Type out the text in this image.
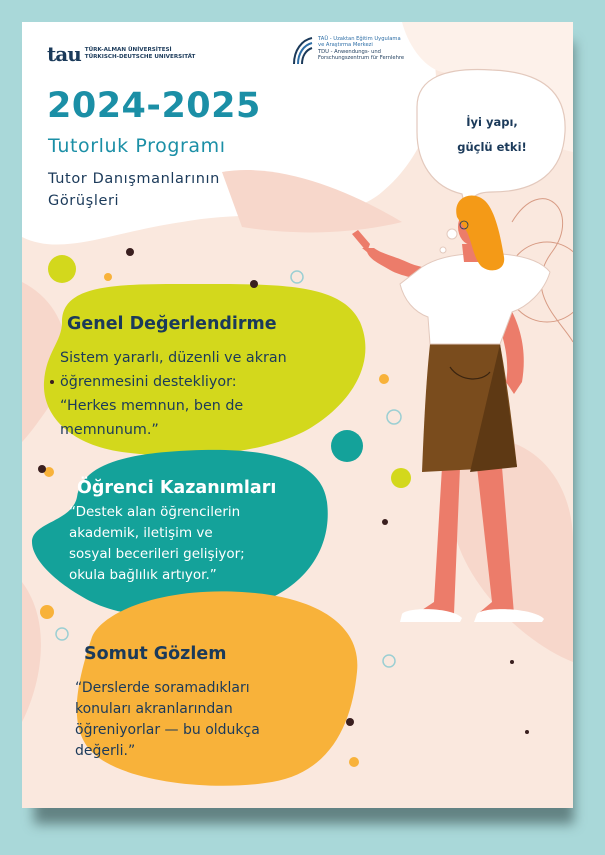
tau TÜRK-ALMAN ÜNİVERSİTESİ
TÜRKISCH-DEUTSCHE UNIVERSITÄT
TAÜ - Uzaktan Eğitim Uygulama
ve Araştırma Merkezi
TDU - Anwendungs- und
Forschungszentrum für Fernlehre
2024-2025
Tutorluk Programı
Tutor Danışmanlarının
Görüşleri
İyi yapı,
güçlü etki!
Genel Değerlendirme
Sistem yararlı, düzenli ve akran
öğrenmesini destekliyor:
“Herkes memnun, ben de
memnunum.”
Öğrenci Kazanımları
“Destek alan öğrencilerin
akademik, iletişim ve
sosyal becerileri gelişiyor;
okula bağlılık artıyor.”
Somut Gözlem
“Derslerde soramadıkları
konuları akranlarından
öğreniyorlar — bu oldukça
değerli.”
